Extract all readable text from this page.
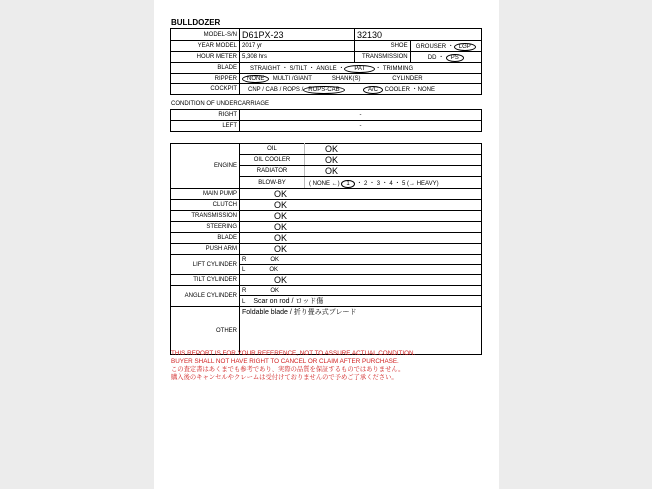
BULLDOZER
MODEL-S/N	D61PX-23	32130	
YEAR MODEL	2017 yr	SHOE	GROUSER ・ LGP
HOUR METER	5,308 hrs	TRANSMISSION	DD ・ PS
BLADE	STRAIGHT ・ S/TILT ・ ANGLE ・ PAT ・ TRIMMING		
RIPPER	NONE MULTI /GIANT SHANK(S) CYLINDER		
COCKPIT	CNP / CAB / ROPS / ROPS-CAB A/C COOLER ・NONE		
CONDITION OF UNDERCARRIAGE
RIGHT	-
LEFT	-
ENGINE	OIL	OK
	OIL COOLER	OK
	RADIATOR	OK
	BLOW-BY	( NONE ←) 1 ・ 2 ・ 3 ・ 4 ・ 5 (→ HEAVY)
MAIN PUMP	OK	
CLUTCH	OK	
TRANSMISSION	OK	
STEERING	OK	
BLADE	OK	
PUSH ARM	OK	
LIFT CYLINDER	R OK	
	L OK	
TILT CYLINDER	OK	
ANGLE CYLINDER	R OK	
	L Scar on rod / ロッド傷	
OTHER	Foldable blade / 折り畳み式ブレード	
THIS REPORT IS FOR YOUR REFERENCE, NOT TO ASSURE ACTUAL CONDITION.
BUYER SHALL NOT HAVE RIGHT TO CANCEL OR CLAIM AFTER PURCHASE.
この査定書はあくまでも参考であり、実際の品質を保証するものではありません。
購入後のキャンセルやクレームは受付けておりませんので予めご了承ください。
